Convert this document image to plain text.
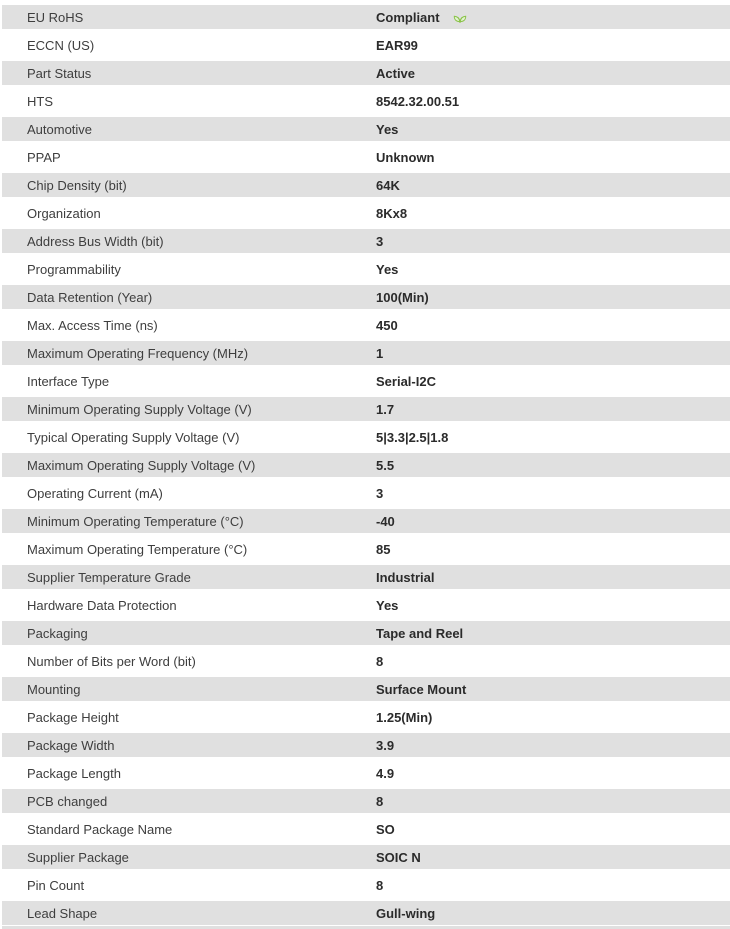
EU RoHS	Compliant
ECCN (US)	EAR99
Part Status	Active
HTS	8542.32.00.51
Automotive	Yes
PPAP	Unknown
Chip Density (bit)	64K
Organization	8Kx8
Address Bus Width (bit)	3
Programmability	Yes
Data Retention (Year)	100(Min)
Max. Access Time (ns)	450
Maximum Operating Frequency (MHz)	1
Interface Type	Serial-I2C
Minimum Operating Supply Voltage (V)	1.7
Typical Operating Supply Voltage (V)	5|3.3|2.5|1.8
Maximum Operating Supply Voltage (V)	5.5
Operating Current (mA)	3
Minimum Operating Temperature (°C)	-40
Maximum Operating Temperature (°C)	85
Supplier Temperature Grade	Industrial
Hardware Data Protection	Yes
Packaging	Tape and Reel
Number of Bits per Word (bit)	8
Mounting	Surface Mount
Package Height	1.25(Min)
Package Width	3.9
Package Length	4.9
PCB changed	8
Standard Package Name	SO
Supplier Package	SOIC N
Pin Count	8
Lead Shape	Gull-wing
